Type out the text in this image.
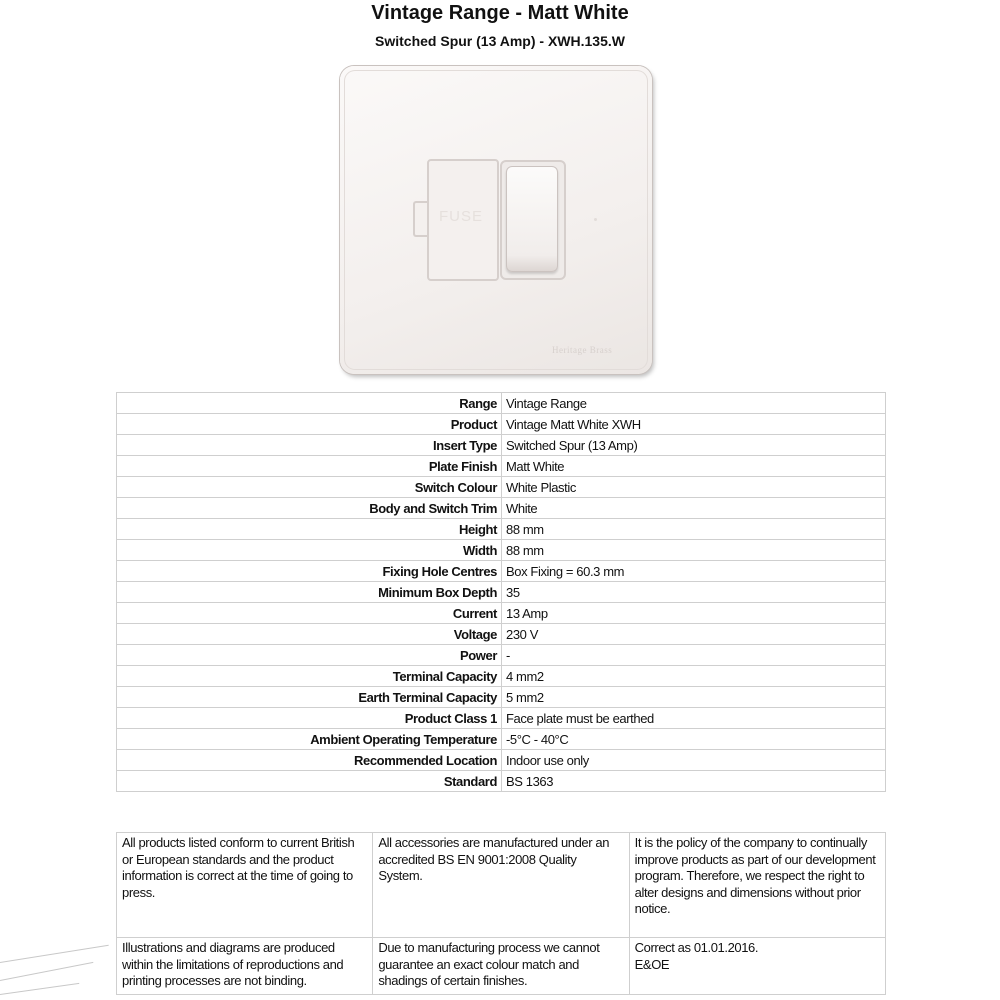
Vintage Range - Matt White
Switched Spur (13 Amp) - XWH.135.W
FUSE
Heritage Brass
Range	Vintage Range
Product	Vintage Matt White XWH
Insert Type	Switched Spur (13 Amp)
Plate Finish	Matt White
Switch Colour	White Plastic
Body and Switch Trim	White
Height	88 mm
Width	88 mm
Fixing Hole Centres	Box Fixing = 60.3 mm
Minimum Box Depth	35
Current	13 Amp
Voltage	230 V
Power	-
Terminal Capacity	4 mm2
Earth Terminal Capacity	5 mm2
Product Class 1	Face plate must be earthed
Ambient Operating Temperature	-5°C - 40°C
Recommended Location	Indoor use only
Standard	BS 1363
All products listed conform to current British or European standards and the product information is correct at the time of going to press.	All accessories are manufactured under an accredited BS EN 9001:2008 Quality System.	It is the policy of the company to continually improve products as part of our development program. Therefore, we respect the right to alter designs and dimensions without prior notice.
Illustrations and diagrams are produced within the limitations of reproductions and printing processes are not binding.	Due to manufacturing process we cannot guarantee an exact colour match and shadings of certain finishes.	Correct as 01.01.2016.
E&OE
